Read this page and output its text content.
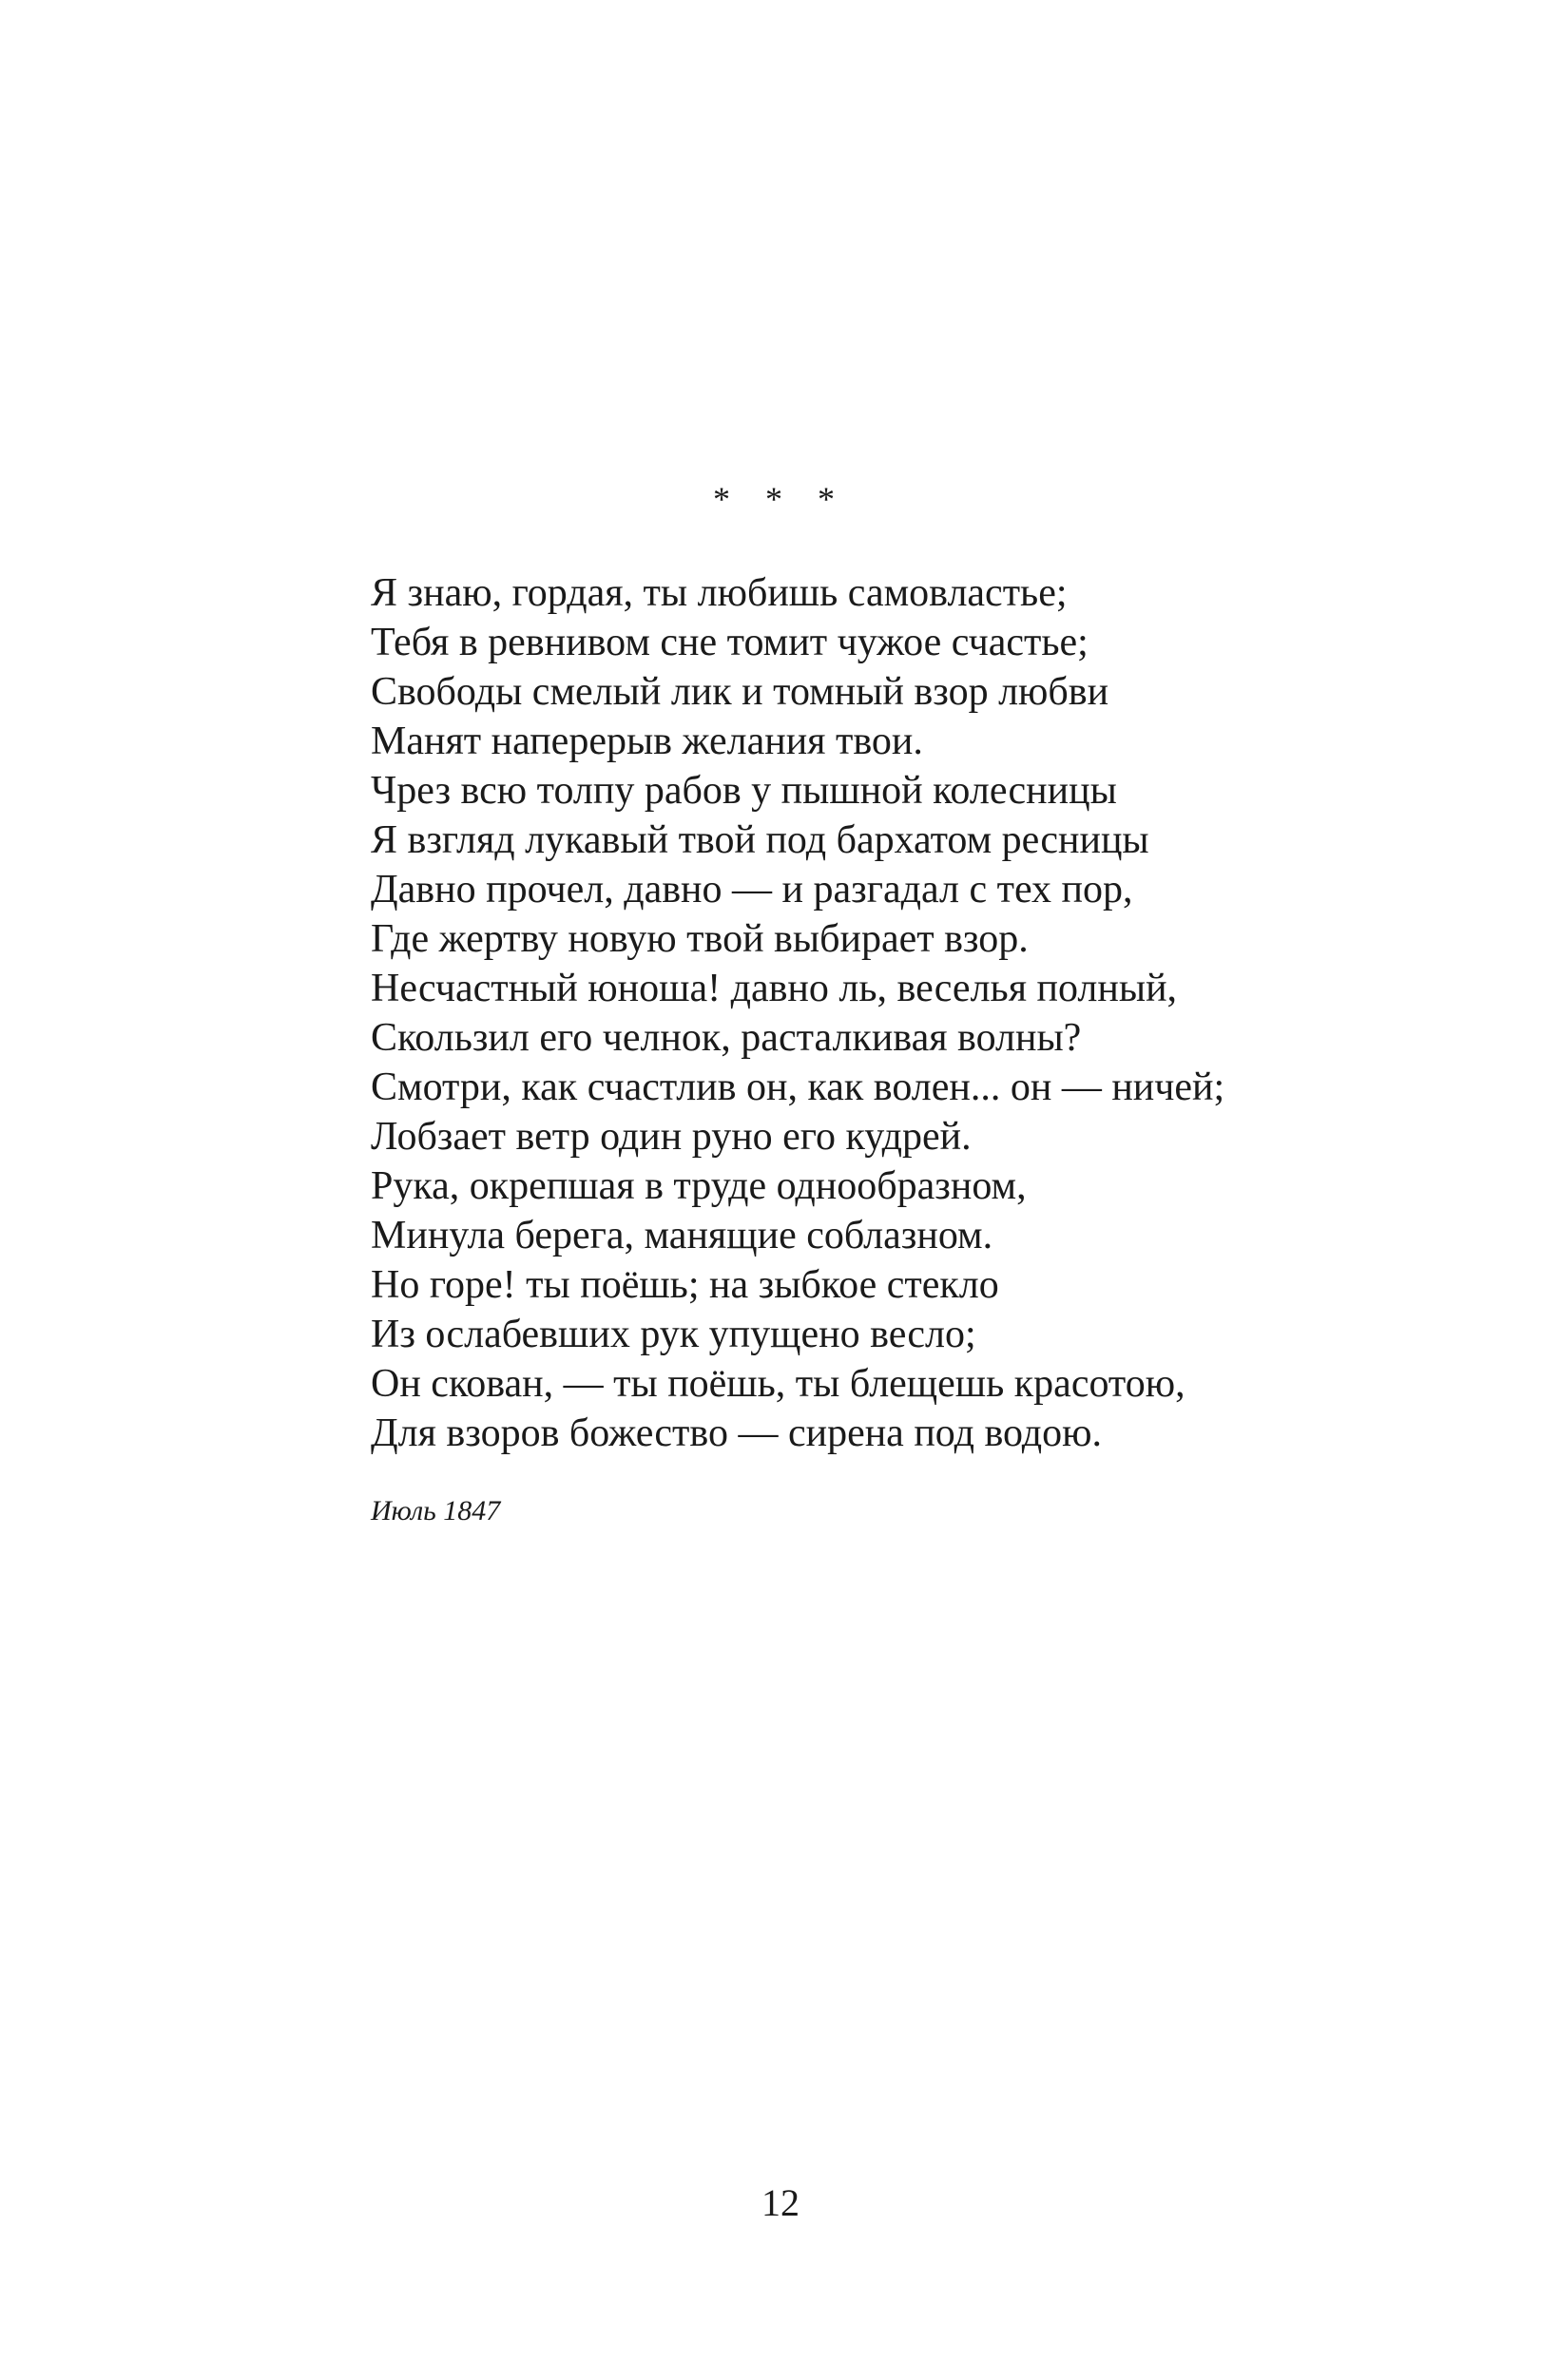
* * *
Я знаю, гордая, ты любишь самовластье;
Тебя в ревнивом сне томит чужое счастье;
Свободы смелый лик и томный взор любви
Манят наперерыв желания твои.
Чрез всю толпу рабов у пышной колесницы
Я взгляд лукавый твой под бархатом ресницы
Давно прочел, давно — и разгадал с тех пор,
Где жертву новую твой выбирает взор.
Несчастный юноша! давно ль, веселья полный,
Скользил его челнок, расталкивая волны?
Смотри, как счастлив он, как волен... он — ничей;
Лобзает ветр один руно его кудрей.
Рука, окрепшая в труде однообразном,
Минула берега, манящие соблазном.
Но горе! ты поёшь; на зыбкое стекло
Из ослабевших рук упущено весло;
Он скован, — ты поёшь, ты блещешь красотою,
Для взоров божество — сирена под водою.
Июль 1847
12
